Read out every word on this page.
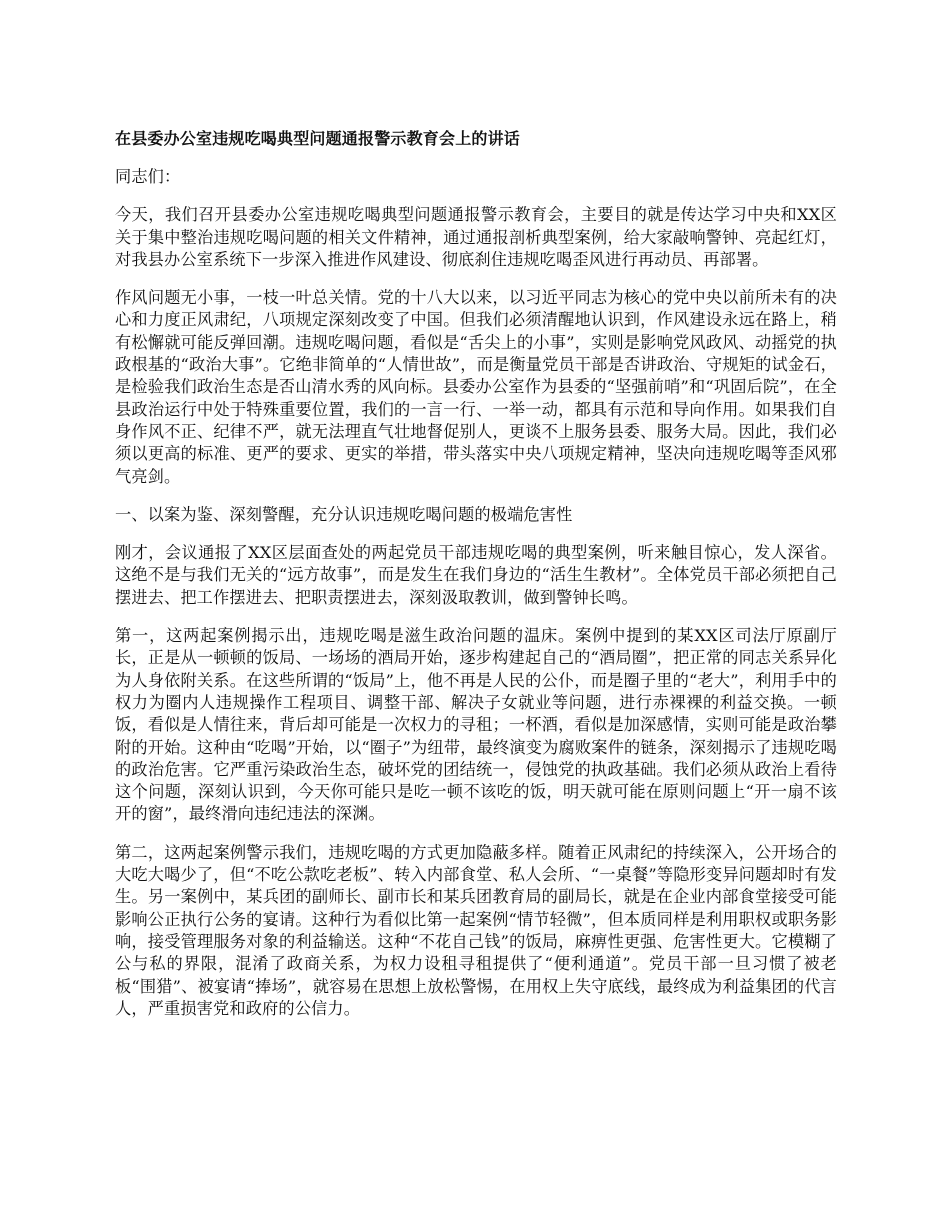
在县委办公室违规吃喝典型问题通报警示教育会上的讲话

同志们：

今天，我们召开县委办公室违规吃喝典型问题通报警示教育会，主要目的就是传达学习中央和XX区关于集中整治违规吃喝问题的相关文件精神，通过通报剖析典型案例，给大家敲响警钟、亮起红灯，对我县办公室系统下一步深入推进作风建设、彻底刹住违规吃喝歪风进行再动员、再部署。

作风问题无小事，一枝一叶总关情。党的十八大以来，以习近平同志为核心的党中央以前所未有的决心和力度正风肃纪，八项规定深刻改变了中国。但我们必须清醒地认识到，作风建设永远在路上，稍有松懈就可能反弹回潮。违规吃喝问题，看似是“舌尖上的小事”，实则是影响党风政风、动摇党的执政根基的“政治大事”。它绝非简单的“人情世故”，而是衡量党员干部是否讲政治、守规矩的试金石，是检验我们政治生态是否山清水秀的风向标。县委办公室作为县委的“坚强前哨”和“巩固后院”，在全县政治运行中处于特殊重要位置，我们的一言一行、一举一动，都具有示范和导向作用。如果我们自身作风不正、纪律不严，就无法理直气壮地督促别人，更谈不上服务县委、服务大局。因此，我们必须以更高的标准、更严的要求、更实的举措，带头落实中央八项规定精神，坚决向违规吃喝等歪风邪气亮剑。

一、以案为鉴、深刻警醒，充分认识违规吃喝问题的极端危害性

刚才，会议通报了XX区层面查处的两起党员干部违规吃喝的典型案例，听来触目惊心，发人深省。这绝不是与我们无关的“远方故事”，而是发生在我们身边的“活生生教材”。全体党员干部必须把自己摆进去、把工作摆进去、把职责摆进去，深刻汲取教训，做到警钟长鸣。

第一，这两起案例揭示出，违规吃喝是滋生政治问题的温床。案例中提到的某XX区司法厅原副厅长，正是从一顿顿的饭局、一场场的酒局开始，逐步构建起自己的“酒局圈”，把正常的同志关系异化为人身依附关系。在这些所谓的“饭局”上，他不再是人民的公仆，而是圈子里的“老大”，利用手中的权力为圈内人违规操作工程项目、调整干部、解决子女就业等问题，进行赤裸裸的利益交换。一顿饭，看似是人情往来，背后却可能是一次权力的寻租；一杯酒，看似是加深感情，实则可能是政治攀附的开始。这种由“吃喝”开始，以“圈子”为纽带，最终演变为腐败案件的链条，深刻揭示了违规吃喝的政治危害。它严重污染政治生态，破坏党的团结统一，侵蚀党的执政基础。我们必须从政治上看待这个问题，深刻认识到，今天你可能只是吃一顿不该吃的饭，明天就可能在原则问题上“开一扇不该开的窗”，最终滑向违纪违法的深渊。

第二，这两起案例警示我们，违规吃喝的方式更加隐蔽多样。随着正风肃纪的持续深入，公开场合的大吃大喝少了，但“不吃公款吃老板”、转入内部食堂、私人会所、“一桌餐”等隐形变异问题却时有发生。另一案例中，某兵团的副师长、副市长和某兵团教育局的副局长，就是在企业内部食堂接受可能影响公正执行公务的宴请。这种行为看似比第一起案例“情节轻微”，但本质同样是利用职权或职务影响，接受管理服务对象的利益输送。这种“不花自己钱”的饭局，麻痹性更强、危害性更大。它模糊了公与私的界限，混淆了政商关系，为权力设租寻租提供了“便利通道”。党员干部一旦习惯了被老板“围猎”、被宴请“捧场”，就容易在思想上放松警惕，在用权上失守底线，最终成为利益集团的代言人，严重损害党和政府的公信力。
